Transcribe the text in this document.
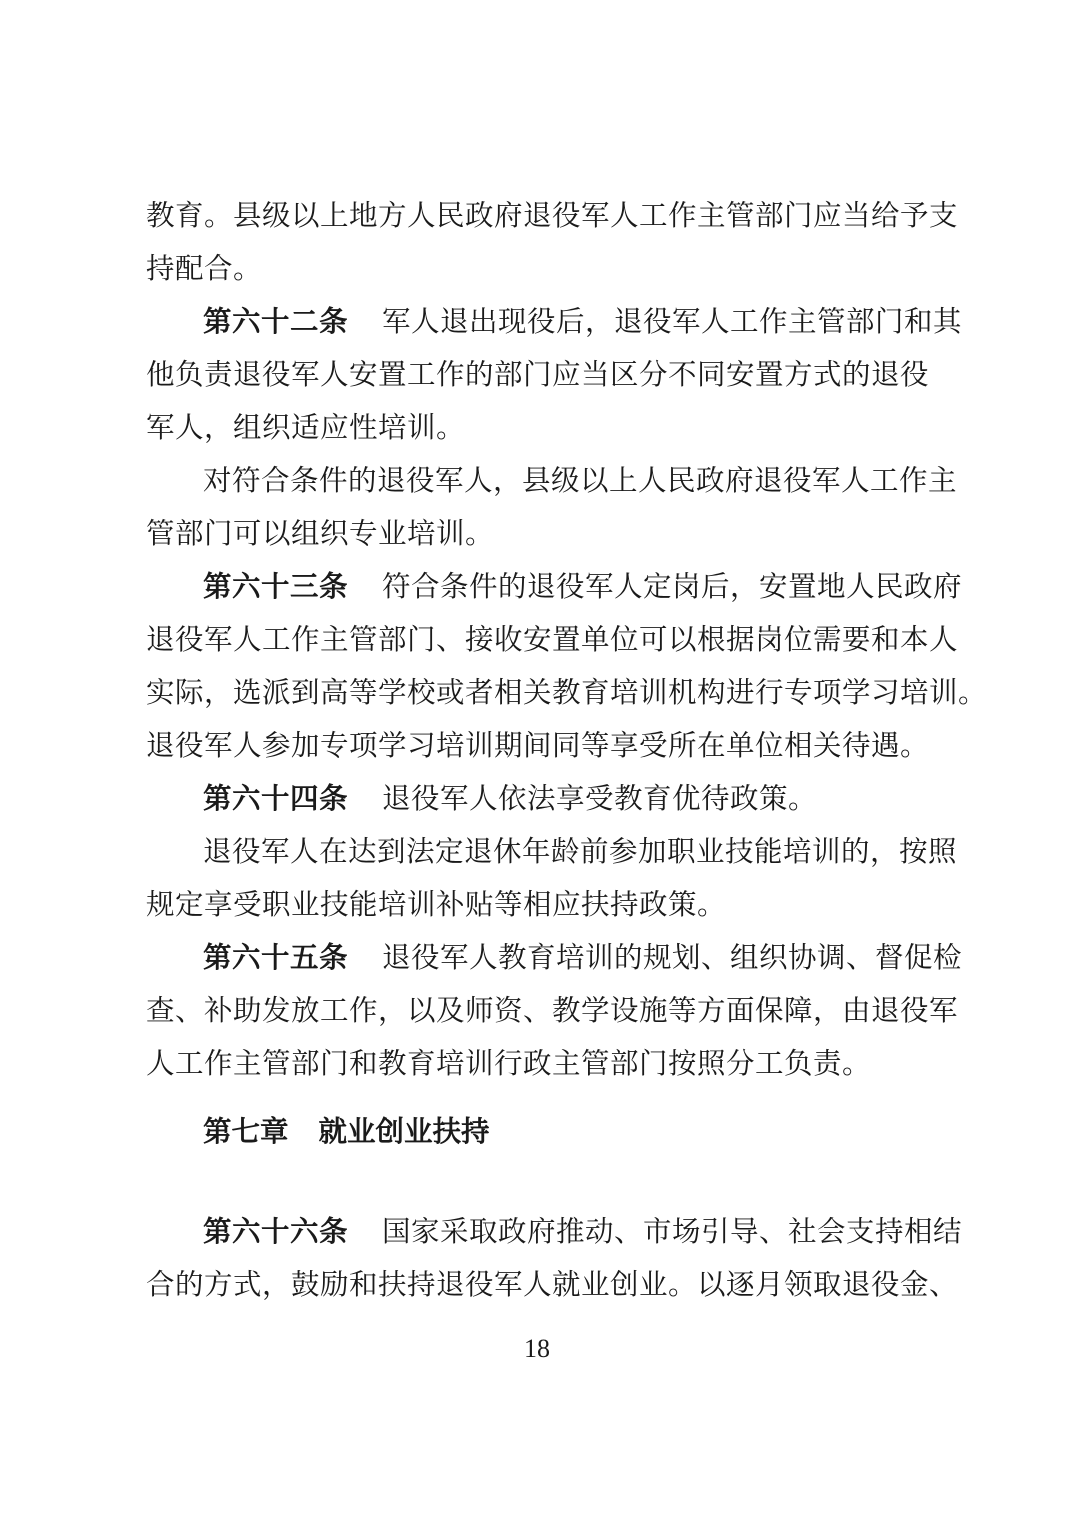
教育。县级以上地方人民政府退役军人工作主管部门应当给予支
持配合。
第六十二条 军人退出现役后，退役军人工作主管部门和其
他负责退役军人安置工作的部门应当区分不同安置方式的退役
军人，组织适应性培训。
对符合条件的退役军人，县级以上人民政府退役军人工作主
管部门可以组织专业培训。
第六十三条 符合条件的退役军人定岗后，安置地人民政府
退役军人工作主管部门、接收安置单位可以根据岗位需要和本人
实际，选派到高等学校或者相关教育培训机构进行专项学习培训。
退役军人参加专项学习培训期间同等享受所在单位相关待遇。
第六十四条 退役军人依法享受教育优待政策。
退役军人在达到法定退休年龄前参加职业技能培训的，按照
规定享受职业技能培训补贴等相应扶持政策。
第六十五条 退役军人教育培训的规划、组织协调、督促检
查、补助发放工作，以及师资、教学设施等方面保障，由退役军
人工作主管部门和教育培训行政主管部门按照分工负责。
第七章 就业创业扶持
第六十六条 国家采取政府推动、市场引导、社会支持相结
合的方式，鼓励和扶持退役军人就业创业。以逐月领取退役金、
18
